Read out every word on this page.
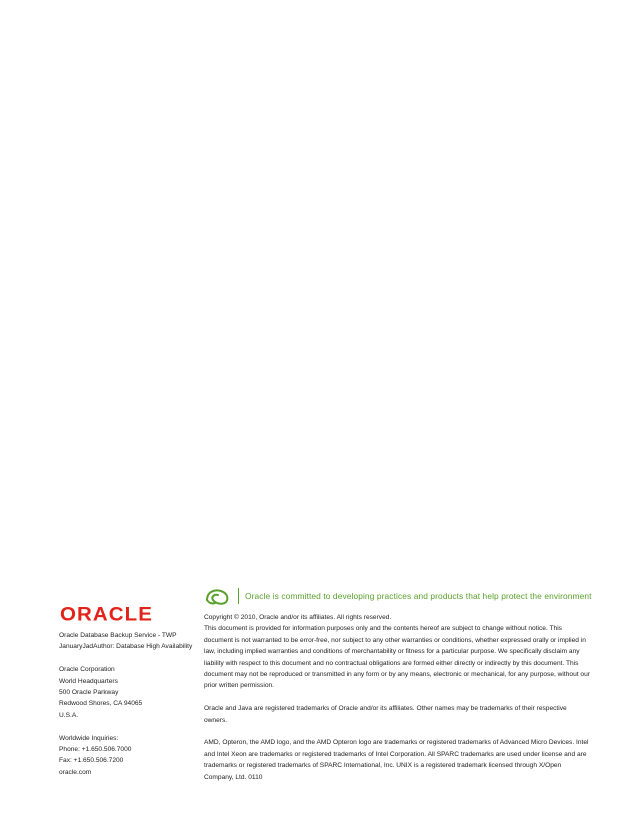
Oracle is committed to developing practices and products that help protect the environment
ORACLE
Oracle Database Backup Service - TWP
JanuaryJadAuthor: Database High Availability
Oracle Corporation
World Headquarters
500 Oracle Parkway
Redwood Shores, CA 94065
U.S.A.
Worldwide Inquiries:
Phone: +1.650.506.7000
Fax: +1.650.506.7200
oracle.com
Copyright © 2010, Oracle and/or its affiliates. All rights reserved.
This document is provided for information purposes only and the contents hereof are subject to change without notice. This
document is not warranted to be error-free, nor subject to any other warranties or conditions, whether expressed orally or implied in
law, including implied warranties and conditions of merchantability or fitness for a particular purpose. We specifically disclaim any
liability with respect to this document and no contractual obligations are formed either directly or indirectly by this document. This
document may not be reproduced or transmitted in any form or by any means, electronic or mechanical, for any purpose, without our
prior written permission.
Oracle and Java are registered trademarks of Oracle and/or its affiliates. Other names may be trademarks of their respective
owners.
AMD, Opteron, the AMD logo, and the AMD Opteron logo are trademarks or registered trademarks of Advanced Micro Devices. Intel
and Intel Xeon are trademarks or registered trademarks of Intel Corporation. All SPARC trademarks are used under license and are
trademarks or registered trademarks of SPARC International, Inc. UNIX is a registered trademark licensed through X/Open
Company, Ltd. 0110
